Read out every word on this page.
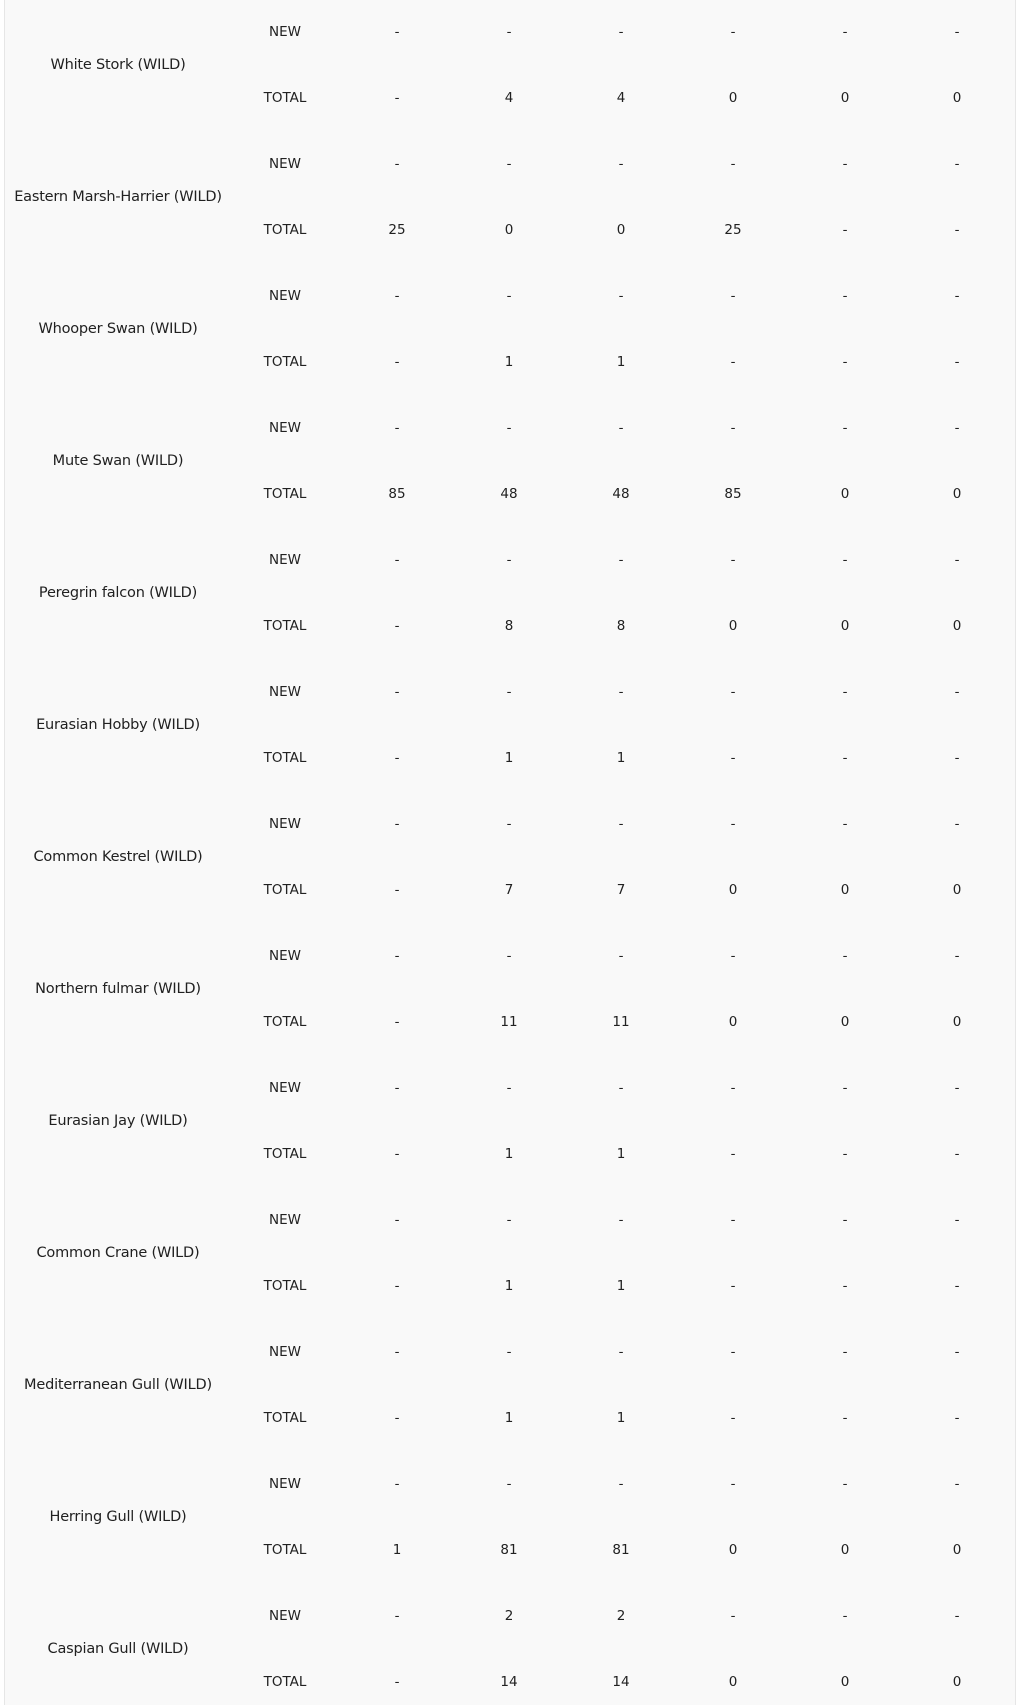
White Stork (WILD)
NEW	-	-	-	-	-	-
TOTAL	-	4	4	0	0	0
Eastern Marsh-Harrier (WILD)
NEW	-	-	-	-	-	-
TOTAL	25	0	0	25	-	-
Whooper Swan (WILD)
NEW	-	-	-	-	-	-
TOTAL	-	1	1	-	-	-
Mute Swan (WILD)
NEW	-	-	-	-	-	-
TOTAL	85	48	48	85	0	0
Peregrin falcon (WILD)
NEW	-	-	-	-	-	-
TOTAL	-	8	8	0	0	0
Eurasian Hobby (WILD)
NEW	-	-	-	-	-	-
TOTAL	-	1	1	-	-	-
Common Kestrel (WILD)
NEW	-	-	-	-	-	-
TOTAL	-	7	7	0	0	0
Northern fulmar (WILD)
NEW	-	-	-	-	-	-
TOTAL	-	11	11	0	0	0
Eurasian Jay (WILD)
NEW	-	-	-	-	-	-
TOTAL	-	1	1	-	-	-
Common Crane (WILD)
NEW	-	-	-	-	-	-
TOTAL	-	1	1	-	-	-
Mediterranean Gull (WILD)
NEW	-	-	-	-	-	-
TOTAL	-	1	1	-	-	-
Herring Gull (WILD)
NEW	-	-	-	-	-	-
TOTAL	1	81	81	0	0	0
Caspian Gull (WILD)
NEW	-	2	2	-	-	-
TOTAL	-	14	14	0	0	0
